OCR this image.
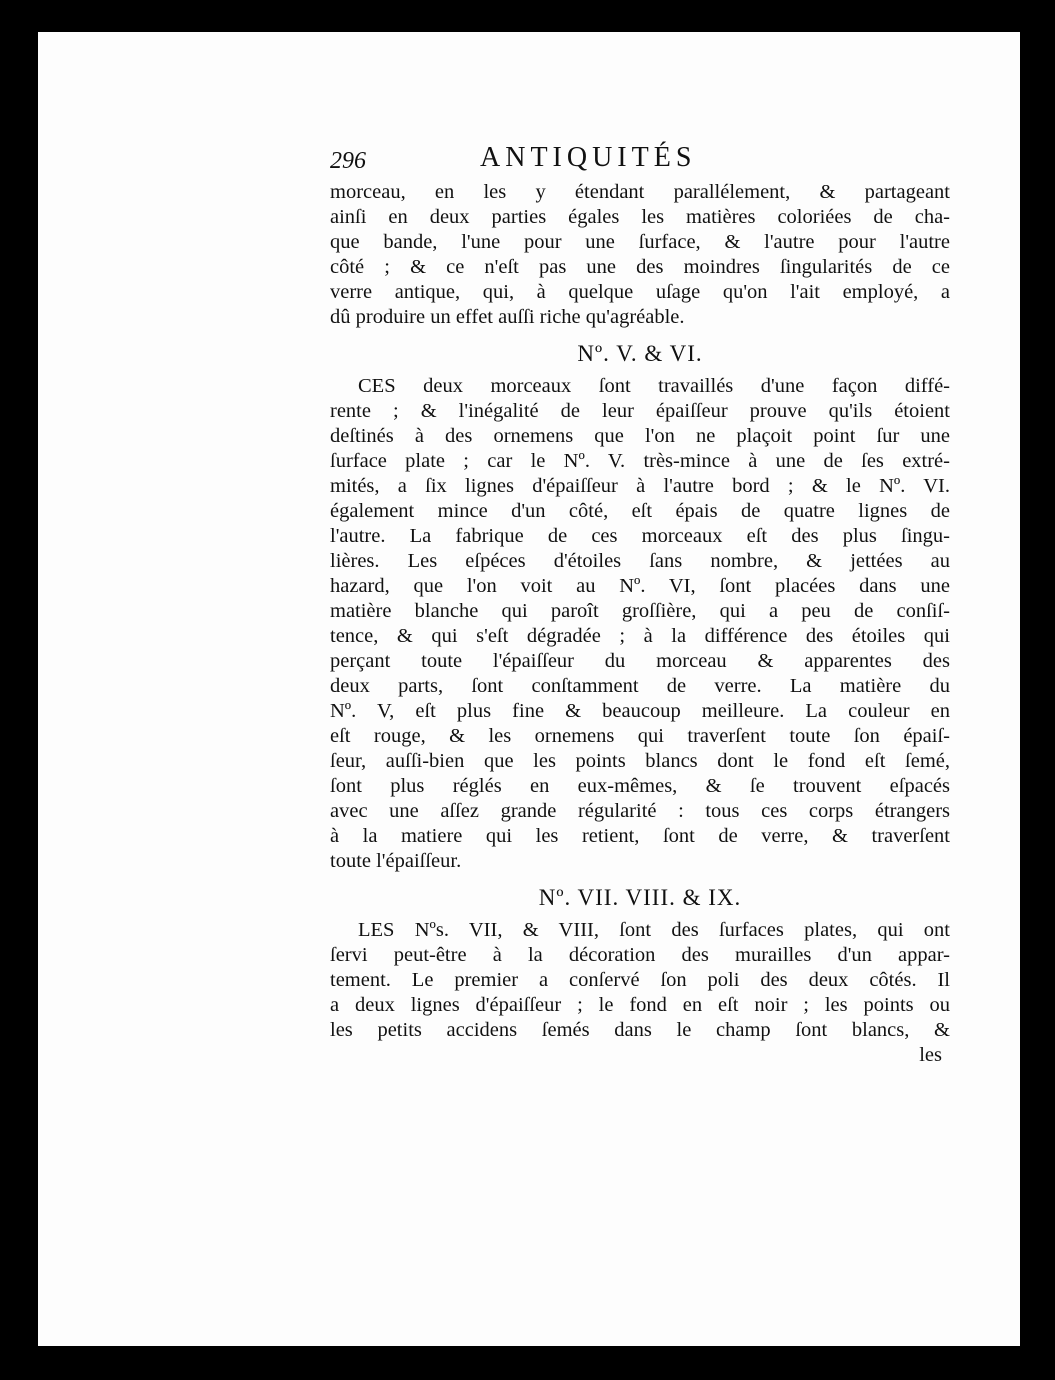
296	ANTIQUITÉS
morceau, en les y étendant parallélement, & partageant
ainſi en deux parties égales les matières coloriées de cha-
que bande, l'une pour une ſurface, & l'autre pour l'autre
côté ; & ce n'eſt pas une des moindres ſingularités de ce
verre antique, qui, à quelque uſage qu'on l'ait employé, a
dû produire un effet auſſi riche qu'agréable.
Nº. V. & VI.
CES deux morceaux ſont travaillés d'une façon diffé-
rente ; & l'inégalité de leur épaiſſeur prouve qu'ils étoient
deſtinés à des ornemens que l'on ne plaçoit point ſur une
ſurface plate ; car le Nº. V. très-mince à une de ſes extré-
mités, a ſix lignes d'épaiſſeur à l'autre bord ; & le Nº. VI.
également mince d'un côté, eſt épais de quatre lignes de
l'autre. La fabrique de ces morceaux eſt des plus ſingu-
lières. Les eſpéces d'étoiles ſans nombre, & jettées au
hazard, que l'on voit au Nº. VI, ſont placées dans une
matière blanche qui paroît groſſière, qui a peu de conſiſ-
tence, & qui s'eſt dégradée ; à la différence des étoiles qui
perçant toute l'épaiſſeur du morceau & apparentes des
deux parts, ſont conſtamment de verre. La matière du
Nº. V, eſt plus fine & beaucoup meilleure. La couleur en
eſt rouge, & les ornemens qui traverſent toute ſon épaiſ-
ſeur, auſſi-bien que les points blancs dont le fond eſt ſemé,
ſont plus réglés en eux-mêmes, & ſe trouvent eſpacés
avec une aſſez grande régularité : tous ces corps étrangers
à la matiere qui les retient, ſont de verre, & traverſent
toute l'épaiſſeur.
Nº. VII. VIII. & IX.
LES Nºs. VII, & VIII, ſont des ſurfaces plates, qui ont
ſervi peut-être à la décoration des murailles d'un appar-
tement. Le premier a conſervé ſon poli des deux côtés. Il
a deux lignes d'épaiſſeur ; le fond en eſt noir ; les points ou
les petits accidens ſemés dans le champ ſont blancs, &
les
